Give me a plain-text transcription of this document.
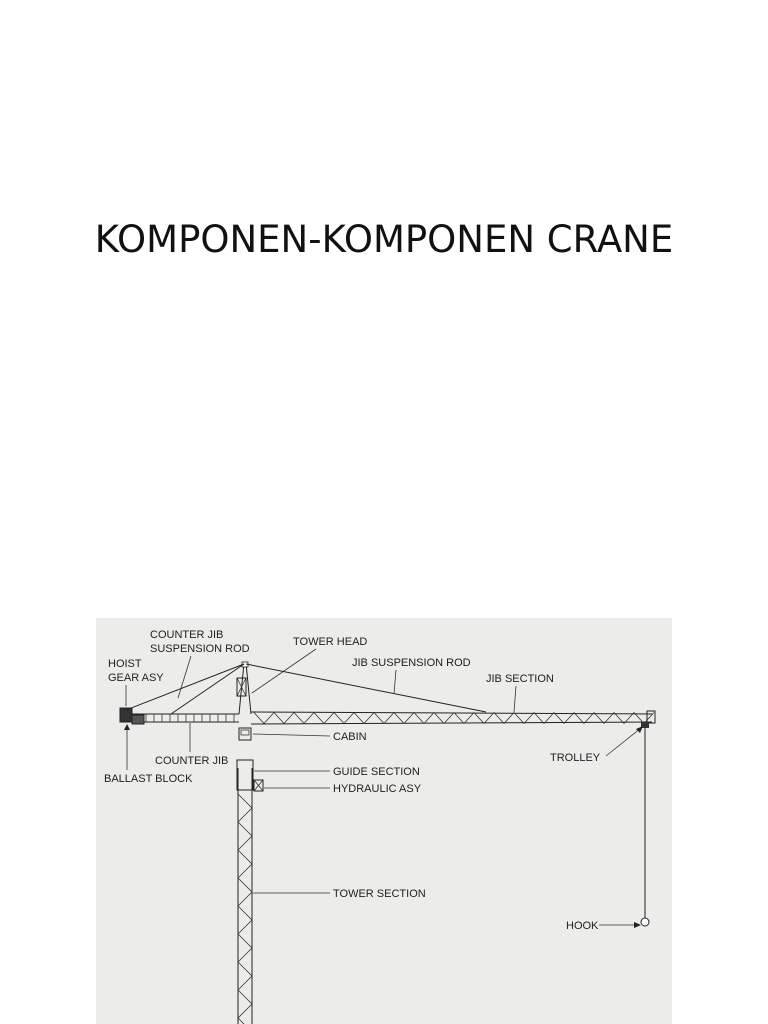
KOMPONEN-KOMPONEN CRANE
COUNTER JIB
SUSPENSION ROD
TOWER HEAD
HOIST
GEAR ASY
JIB SUSPENSION ROD
JIB SECTION
COUNTER JIB
CABIN
BALLAST BLOCK
TROLLEY
GUIDE SECTION
HYDRAULIC ASY
TOWER SECTION
HOOK
